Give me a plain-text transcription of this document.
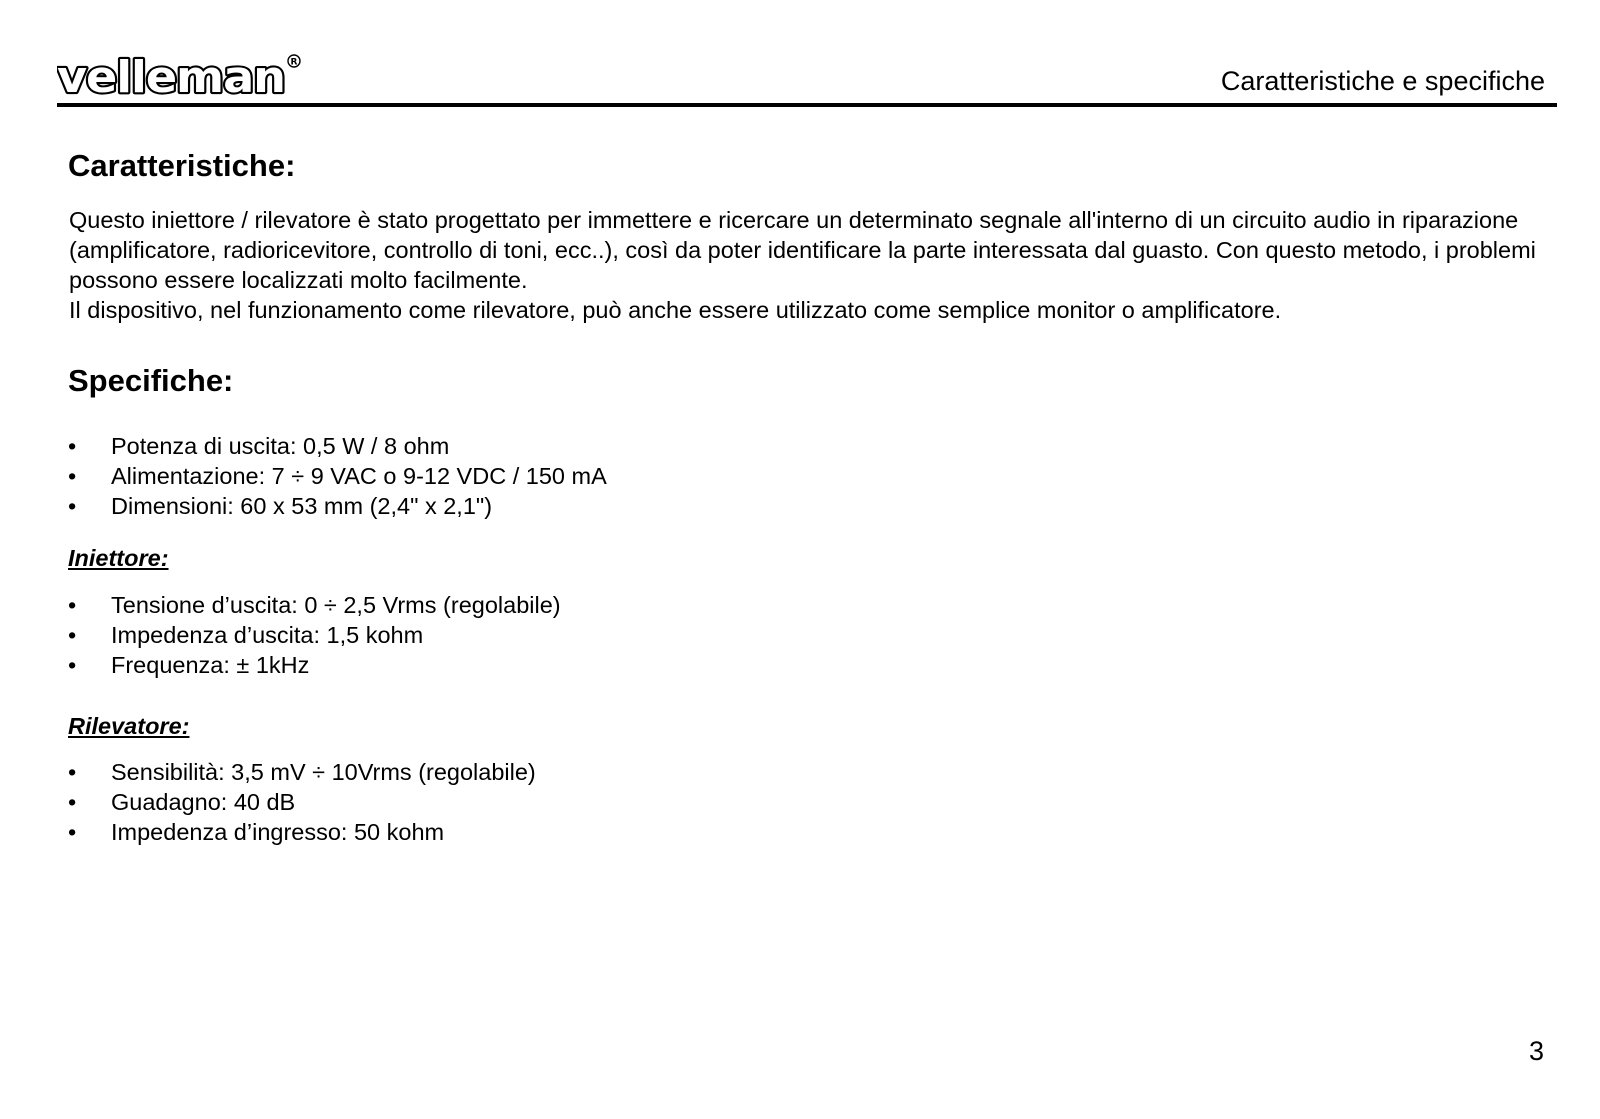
velleman R
Caratteristiche e specifiche
Caratteristiche:

Questo iniettore / rilevatore è stato progettato per immettere e ricercare un determinato segnale all'interno di un circuito audio in riparazione (amplificatore, radioricevitore, controllo di toni, ecc..), così da poter identificare la parte interessata dal guasto. Con questo metodo, i problemi possono essere localizzati molto facilmente.

Il dispositivo, nel funzionamento come rilevatore, può anche essere utilizzato come semplice monitor o amplificatore.

Specifiche:
• Potenza di uscita: 0,5 W / 8 ohm
• Alimentazione: 7 ÷ 9 VAC o 9-12 VDC / 150 mA
• Dimensioni: 60 x 53 mm (2,4" x 2,1")
Iniettore:
• Tensione d’uscita: 0 ÷ 2,5 Vrms (regolabile)
• Impedenza d’uscita: 1,5 kohm
• Frequenza: ± 1kHz
Rilevatore:
• Sensibilità: 3,5 mV ÷ 10Vrms (regolabile)
• Guadagno: 40 dB
• Impedenza d’ingresso: 50 kohm
3
